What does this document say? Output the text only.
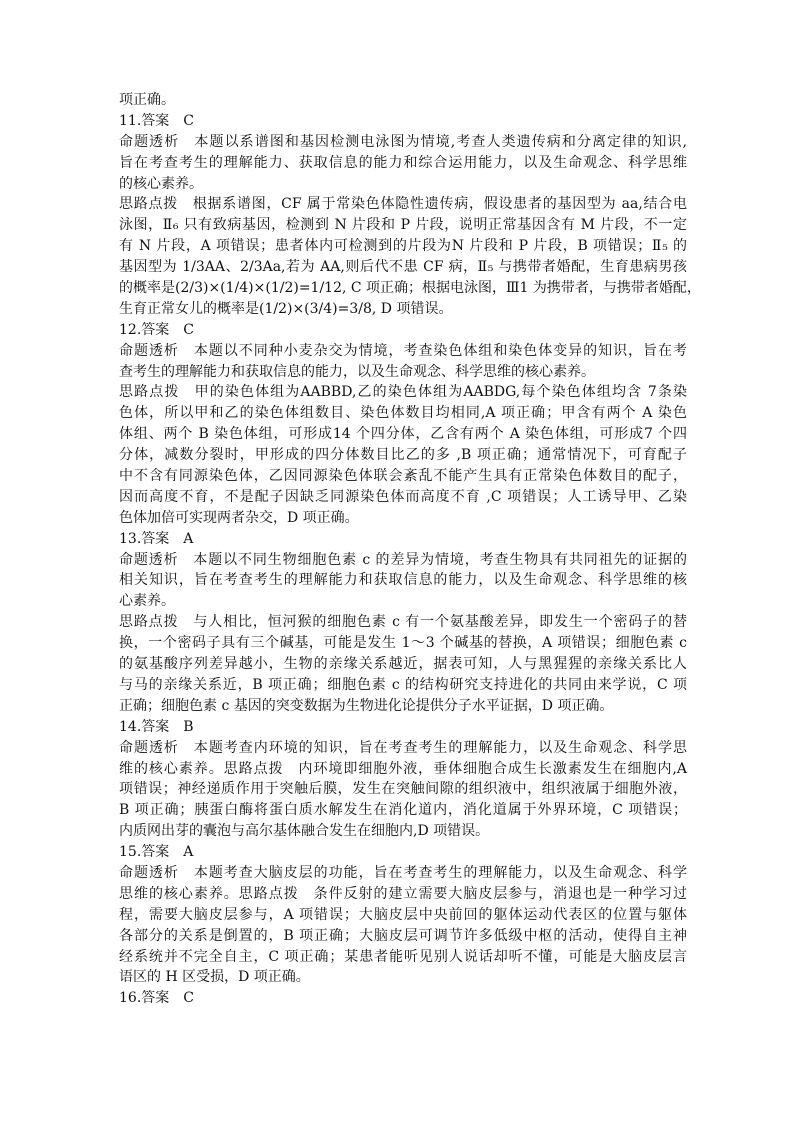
项正确。
11.答案　C
命题透析　本题以系谱图和基因检测电泳图为情境,考查人类遗传病和分离定律的知识,
旨在考查考生的理解能力、获取信息的能力和综合运用能力，以及生命观念、科学思维
的核心素养。
思路点拨　根据系谱图，CF 属于常染色体隐性遗传病，假设患者的基因型为 aa,结合电
泳图，Ⅱ₆ 只有致病基因，检测到 N 片段和 P 片段，说明正常基因含有 M 片段，不一定
有 N 片段，A 项错误；患者体内可检测到的片段为N 片段和 P 片段，B 项错误；Ⅱ₅ 的
基因型为 1/3AA、2/3Aa,若为 AA,则后代不患 CF 病，Ⅱ₅ 与携带者婚配，生育患病男孩
的概率是(2/3)×(1/4)×(1/2)=1/12, C 项正确；根据电泳图，Ⅲ1 为携带者，与携带者婚配，
生育正常女儿的概率是(1/2)×(3/4)=3/8, D 项错误。
12.答案　C
命题透析　本题以不同种小麦杂交为情境，考查染色体组和染色体变异的知识，旨在考
查考生的理解能力和获取信息的能力，以及生命观念、科学思维的核心素养。
思路点拨　甲的染色体组为AABBD,乙的染色体组为AABDG,每个染色体组均含 7条染
色体，所以甲和乙的染色体组数目、染色体数目均相同,A 项正确；甲含有两个 A 染色
体组、两个 B 染色体组，可形成14 个四分体，乙含有两个 A 染色体组，可形成7 个四
分体，减数分裂时，甲形成的四分体数目比乙的多 ,B 项正确；通常情况下，可育配子
中不含有同源染色体，乙因同源染色体联会紊乱不能产生具有正常染色体数目的配子，
因而高度不育，不是配子因缺乏同源染色体而高度不育 ,C 项错误；人工诱导甲、乙染
色体加倍可实现两者杂交，D 项正确。
13.答案　A
命题透析　本题以不同生物细胞色素 c 的差异为情境，考查生物具有共同祖先的证据的
相关知识，旨在考查考生的理解能力和获取信息的能力，以及生命观念、科学思维的核
心素养。
思路点拨　与人相比，恒河猴的细胞色素 c 有一个氨基酸差异，即发生一个密码子的替
换，一个密码子具有三个碱基，可能是发生 1～3 个碱基的替换，A 项错误；细胞色素 c
的氨基酸序列差异越小，生物的亲缘关系越近，据表可知，人与黑猩猩的亲缘关系比人
与马的亲缘关系近，B 项正确；细胞色素 c 的结构研究支持进化的共同由来学说，C 项
正确；细胞色素 c 基因的突变数据为生物进化论提供分子水平证据，D 项正确。
14.答案　B
命题透析　本题考查内环境的知识，旨在考查考生的理解能力，以及生命观念、科学思
维的核心素养。思路点拨　内环境即细胞外液，垂体细胞合成生长激素发生在细胞内,A
项错误；神经递质作用于突触后膜，发生在突触间隙的组织液中，组织液属于细胞外液，
B 项正确；胰蛋白酶将蛋白质水解发生在消化道内，消化道属于外界环境，C 项错误；
内质网出芽的囊泡与高尔基体融合发生在细胞内,D 项错误。
15.答案　A
命题透析　本题考查大脑皮层的功能，旨在考查考生的理解能力，以及生命观念、科学
思维的核心素养。思路点拨　条件反射的建立需要大脑皮层参与，消退也是一种学习过
程，需要大脑皮层参与，A 项错误；大脑皮层中央前回的躯体运动代表区的位置与躯体
各部分的关系是倒置的，B 项正确；大脑皮层可调节许多低级中枢的活动，使得自主神
经系统并不完全自主，C 项正确；某患者能听见别人说话却听不懂，可能是大脑皮层言
语区的 H 区受损，D 项正确。
16.答案　C
